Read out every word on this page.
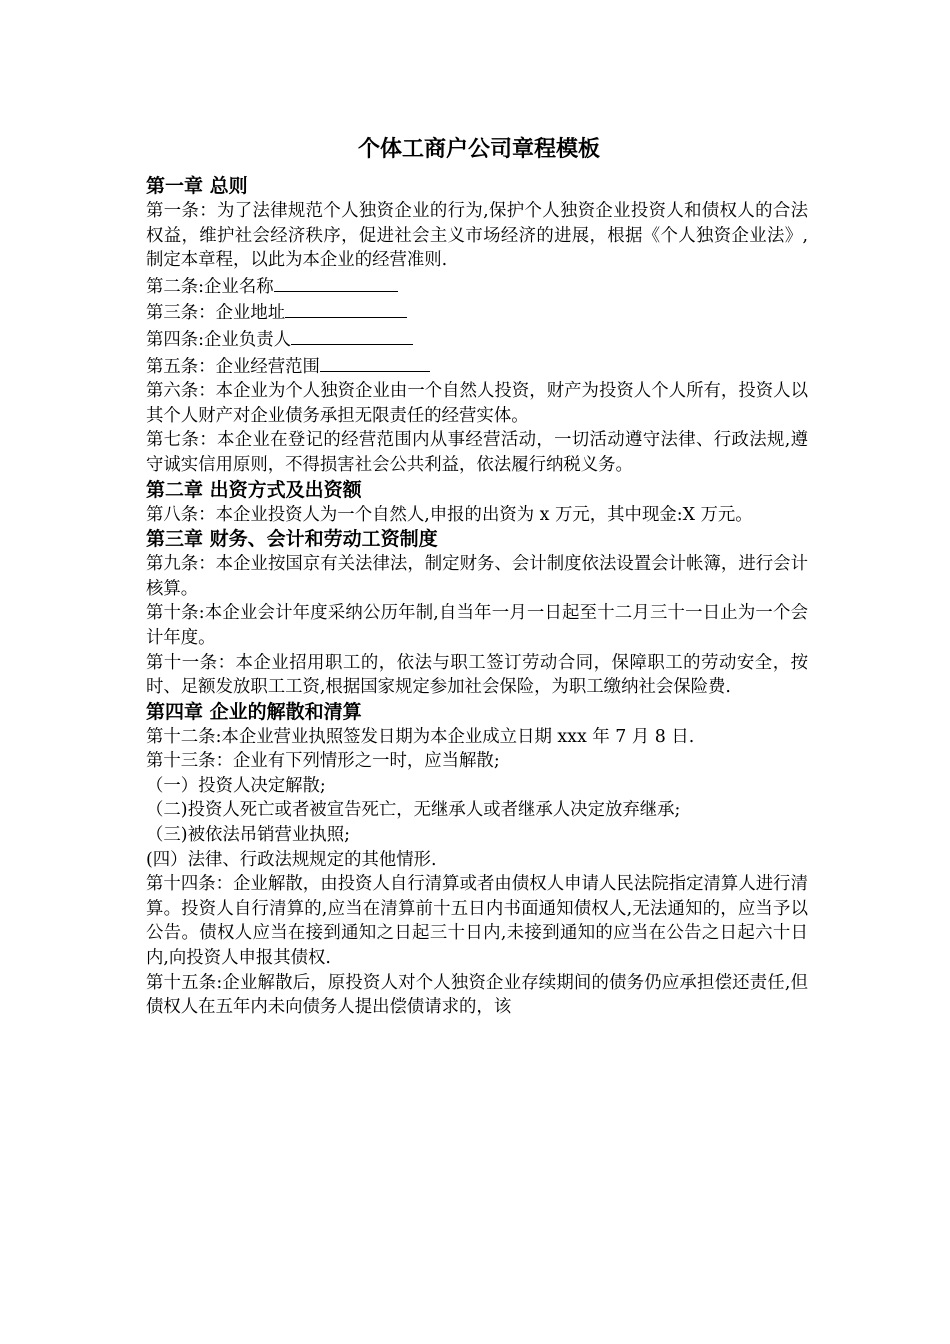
个体工商户公司章程模板
第一章 总则

第一条：为了法律规范个人独资企业的行为,保护个人独资企业投资人和债权人的合法权益，维护社会经济秩序，促进社会主义市场经济的进展，根据《个人独资企业法》,制定本章程，以此为本企业的经营准则.

第二条:企业名称

第三条：企业地址

第四条:企业负责人

第五条：企业经营范围

第六条：本企业为个人独资企业由一个自然人投资，财产为投资人个人所有，投资人以其个人财产对企业债务承担无限责任的经营实体。

第七条：本企业在登记的经营范围内从事经营活动，一切活动遵守法律、行政法规,遵守诚实信用原则，不得损害社会公共利益，依法履行纳税义务。

第二章 出资方式及出资额

第八条：本企业投资人为一个自然人,申报的出资为 x 万元，其中现金:X 万元。

第三章 财务、会计和劳动工资制度

第九条：本企业按国京有关法律法，制定财务、会计制度依法设置会计帐簿，进行会计核算。

第十条:本企业会计年度采纳公历年制,自当年一月一日起至十二月三十一日止为一个会计年度。

第十一条：本企业招用职工的，依法与职工签订劳动合同，保障职工的劳动安全，按时、足额发放职工工资,根据国家规定参加社会保险，为职工缴纳社会保险费.

第四章 企业的解散和清算

第十二条:本企业营业执照签发日期为本企业成立日期 xxx 年 7 月 8 日.

第十三条：企业有下列情形之一时，应当解散;

（一）投资人决定解散;

（二)投资人死亡或者被宣告死亡，无继承人或者继承人决定放弃继承;

（三)被依法吊销营业执照;

(四）法律、行政法规规定的其他情形.

第十四条：企业解散，由投资人自行清算或者由债权人申请人民法院指定清算人进行清算。投资人自行清算的,应当在清算前十五日内书面通知债权人,无法通知的，应当予以公告。债权人应当在接到通知之日起三十日内,未接到通知的应当在公告之日起六十日内,向投资人申报其债权.

第十五条:企业解散后，原投资人对个人独资企业存续期间的债务仍应承担偿还责任,但债权人在五年内未向债务人提出偿债请求的，该
